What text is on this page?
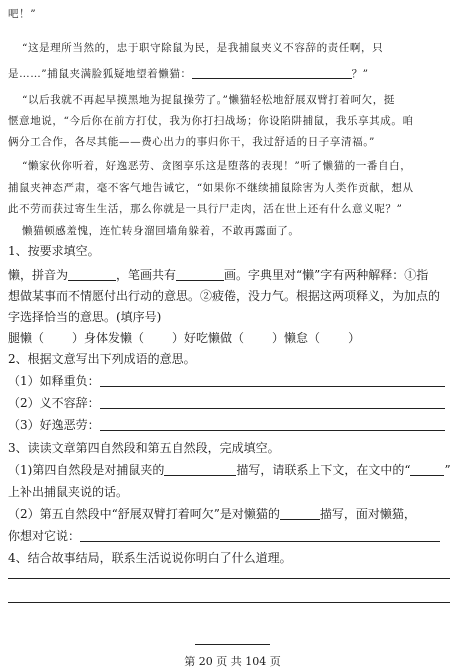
吧！”
“这是理所当然的，忠于职守除鼠为民，是我捕鼠夹义不容辞的责任啊，只
是……”捕鼠夹满脸狐疑地望着懒猫：	？”
“以后我就不再起早摸黑地为捉鼠操劳了。”懒猫轻松地舒展双臂打着呵欠，挺
惬意地说，“今后你在前方打仗，我为你打扫战场；你设陷阱捕鼠，我乐享其成。咱
俩分工合作，各尽其能——费心出力的事归你干，我过舒适的日子享清福。”
“懒家伙你听着，好逸恶劳、贪图享乐这是堕落的表现！”听了懒猫的一番自白，
捕鼠夹神态严肃，毫不客气地告诫它，“如果你不继续捕鼠除害为人类作贡献，想从
此不劳而获过寄生生活，那么你就是一具行尸走肉，活在世上还有什么意义呢？”
懒猫顿感羞愧，连忙转身溜回墙角躲着，不敢再露面了。
1、按要求填空。
懒，拼音为	，笔画共有	画。字典里对“懒”字有两种解释：①指
想做某事而不情愿付出行动的意思。②疲倦，没力气。根据这两项释义，为加点的
字选择恰当的意思。(填序号)
腿懒（ ）身体发懒（ ）好吃懒做（ ）懒怠（ ）
2、根据文意写出下列成语的意思。
（1）如释重负：
（2）义不容辞：
（3）好逸恶劳：
3、读读文章第四自然段和第五自然段，完成填空。
（1)第四自然段是对捕鼠夹的	描写，请联系上下文，在文中的“	”
上补出捕鼠夹说的话。
（2）第五自然段中“舒展双臂打着呵欠”是对懒猫的	描写，面对懒猫，
你想对它说：
4、结合故事结局，联系生活说说你明白了什么道理。
第 20 页 共 104 页
